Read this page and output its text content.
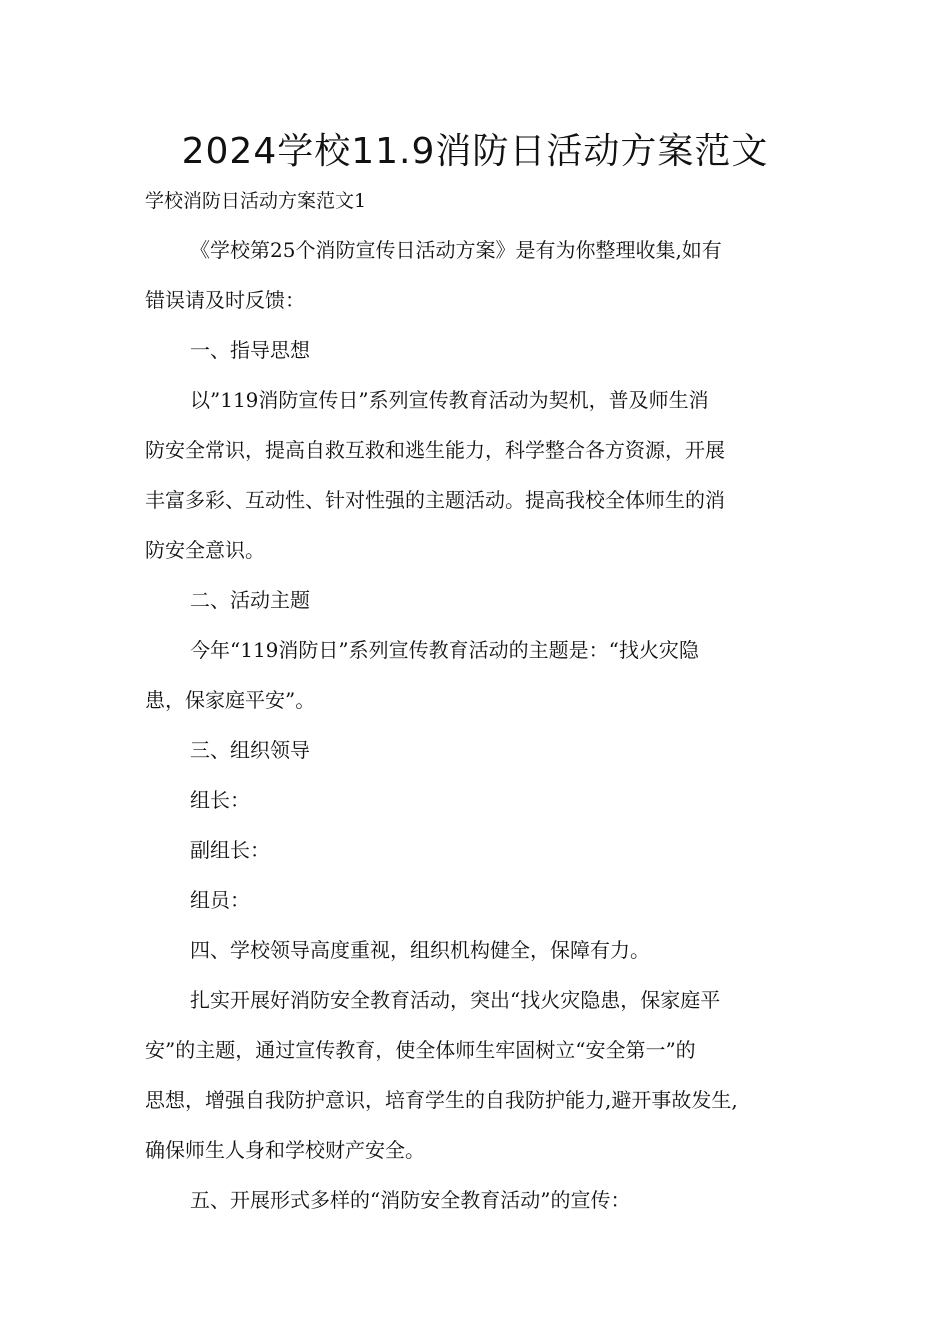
2024学校11.9消防日活动方案范文
学校消防日活动方案范文1
《学校第25个消防宣传日活动方案》是有为你整理收集,如有
错误请及时反馈：
一、指导思想
以”119消防宣传日”系列宣传教育活动为契机，普及师生消
防安全常识，提高自救互救和逃生能力，科学整合各方资源，开展
丰富多彩、互动性、针对性强的主题活动。提高我校全体师生的消
防安全意识。
二、活动主题
今年“119消防日”系列宣传教育活动的主题是：“找火灾隐
患，保家庭平安”。
三、组织领导
组长：
副组长：
组员：
四、学校领导高度重视，组织机构健全，保障有力。
扎实开展好消防安全教育活动，突出“找火灾隐患，保家庭平
安”的主题，通过宣传教育，使全体师生牢固树立“安全第一”的
思想，增强自我防护意识，培育学生的自我防护能力,避开事故发生,
确保师生人身和学校财产安全。
五、开展形式多样的“消防安全教育活动”的宣传：
